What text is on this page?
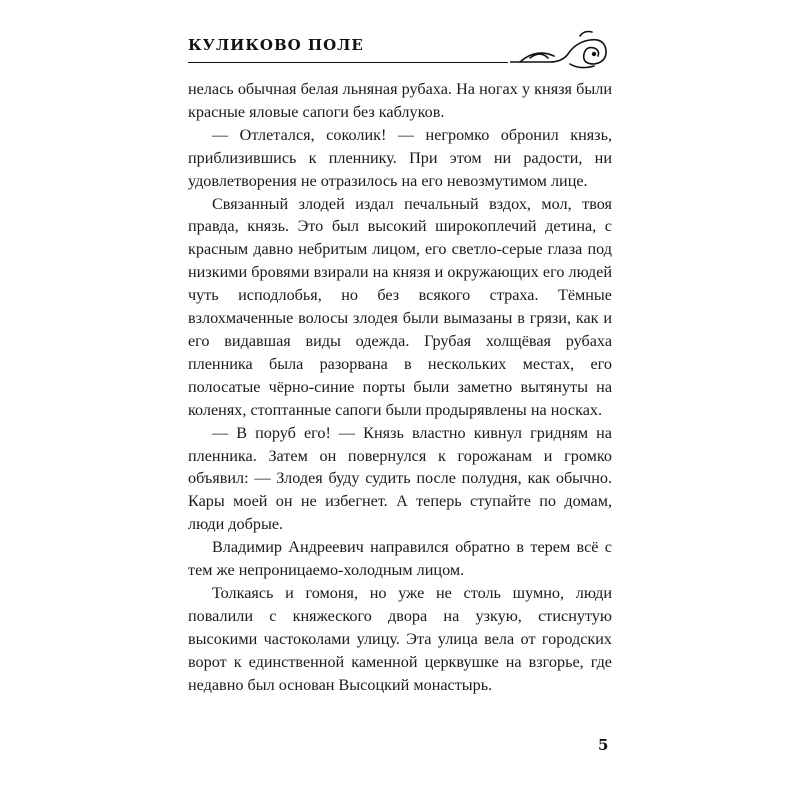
КУЛИКОВО ПОЛЕ

нелась обычная белая льняная рубаха. На ногах у князя были красные яловые сапоги без каблуков.

— Отлетался, соколик! — негромко обронил князь, приблизившись к пленнику. При этом ни радости, ни удовлетворения не отразилось на его невозмутимом лице.

Связанный злодей издал печальный вздох, мол, твоя правда, князь. Это был высокий широкоплечий детина, с красным давно небритым лицом, его светло-серые глаза под низкими бровями взирали на князя и окружающих его людей чуть исподлобья, но без всякого страха. Тёмные взлохмаченные волосы злодея были вымазаны в грязи, как и его видавшая виды одежда. Грубая холщёвая рубаха пленника была разорвана в нескольких местах, его полосатые чёрно-синие порты были заметно вытянуты на коленях, стоптанные сапоги были продырявлены на носках.

— В поруб его! — Князь властно кивнул гридням на пленника. Затем он повернулся к горожанам и громко объявил: — Злодея буду судить после полудня, как обычно. Кары моей он не избегнет. А теперь ступайте по домам, люди добрые.

Владимир Андреевич направился обратно в терем всё с тем же непроницаемо-холодным лицом.

Толкаясь и гомоня, но уже не столь шумно, люди повалили с княжеского двора на узкую, стиснутую высокими частоколами улицу. Эта улица вела от городских ворот к единственной каменной церквушке на взгорье, где недавно был основан Высоцкий монастырь.

5
